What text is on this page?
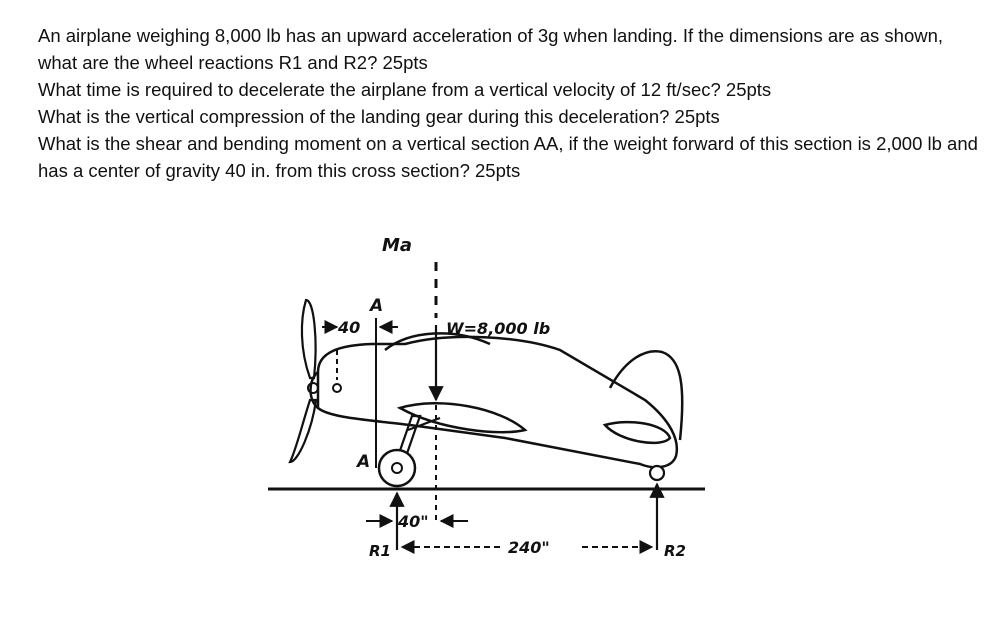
An airplane weighing 8,000 lb has an upward acceleration of 3g when landing. If the dimensions are as shown, what are the wheel reactions R1 and R2? 25pts

What time is required to decelerate the airplane from a vertical velocity of 12 ft/sec? 25pts

What is the vertical compression of the landing gear during this deceleration? 25pts

What is the shear and bending moment on a vertical section AA, if the weight forward of this section is 2,000 lb and has a center of gravity 40 in. from this cross section? 25pts

Ma
A
A
40	W=8,000 lb
40"
240"
R1	R2
